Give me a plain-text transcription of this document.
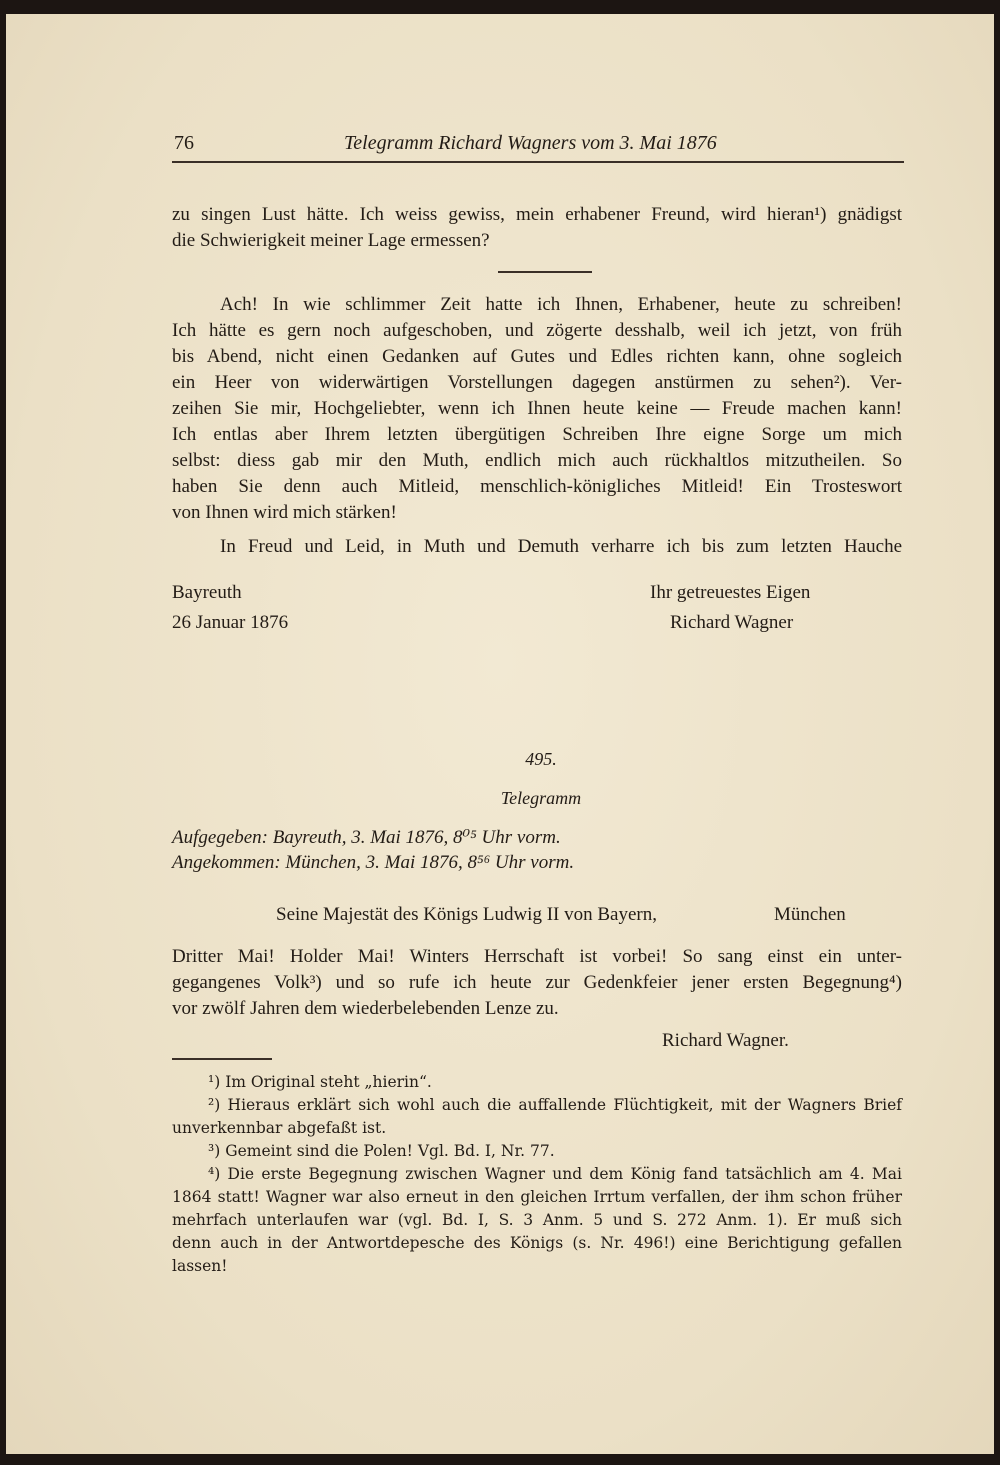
76	Telegramm Richard Wagners vom 3. Mai 1876
zu singen Lust hätte. Ich weiss gewiss, mein erhabener Freund, wird hieran¹) gnädigst
die Schwierigkeit meiner Lage ermessen?
Ach! In wie schlimmer Zeit hatte ich Ihnen, Erhabener, heute zu schreiben!
Ich hätte es gern noch aufgeschoben, und zögerte desshalb, weil ich jetzt, von früh
bis Abend, nicht einen Gedanken auf Gutes und Edles richten kann, ohne sogleich
ein Heer von widerwärtigen Vorstellungen dagegen anstürmen zu sehen²). Ver-
zeihen Sie mir, Hochgeliebter, wenn ich Ihnen heute keine — Freude machen kann!
Ich entlas aber Ihrem letzten übergütigen Schreiben Ihre eigne Sorge um mich
selbst: diess gab mir den Muth, endlich mich auch rückhaltlos mitzutheilen. So
haben Sie denn auch Mitleid, menschlich-königliches Mitleid! Ein Trosteswort
von Ihnen wird mich stärken!
In Freud und Leid, in Muth und Demuth verharre ich bis zum letzten Hauche
Bayreuth
26 Januar 1876
Ihr getreuestes Eigen
Richard Wagner
495.
Telegramm
Aufgegeben: Bayreuth, 3. Mai 1876, 8⁰⁵ Uhr vorm.
Angekommen: München, 3. Mai 1876, 8⁵⁶ Uhr vorm.
Seine Majestät des Königs Ludwig II von Bayern,	München
Dritter Mai! Holder Mai! Winters Herrschaft ist vorbei! So sang einst ein unter-
gegangenes Volk³) und so rufe ich heute zur Gedenkfeier jener ersten Begegnung⁴)
vor zwölf Jahren dem wiederbelebenden Lenze zu.
Richard Wagner.
¹) Im Original steht „hierin“.
²) Hieraus erklärt sich wohl auch die auffallende Flüchtigkeit, mit der Wagners Brief
unverkennbar abgefaßt ist.
³) Gemeint sind die Polen! Vgl. Bd. I, Nr. 77.
⁴) Die erste Begegnung zwischen Wagner und dem König fand tatsächlich am 4. Mai
1864 statt! Wagner war also erneut in den gleichen Irrtum verfallen, der ihm schon früher
mehrfach unterlaufen war (vgl. Bd. I, S. 3 Anm. 5 und S. 272 Anm. 1). Er muß sich
denn auch in der Antwortdepesche des Königs (s. Nr. 496!) eine Berichtigung gefallen
lassen!
